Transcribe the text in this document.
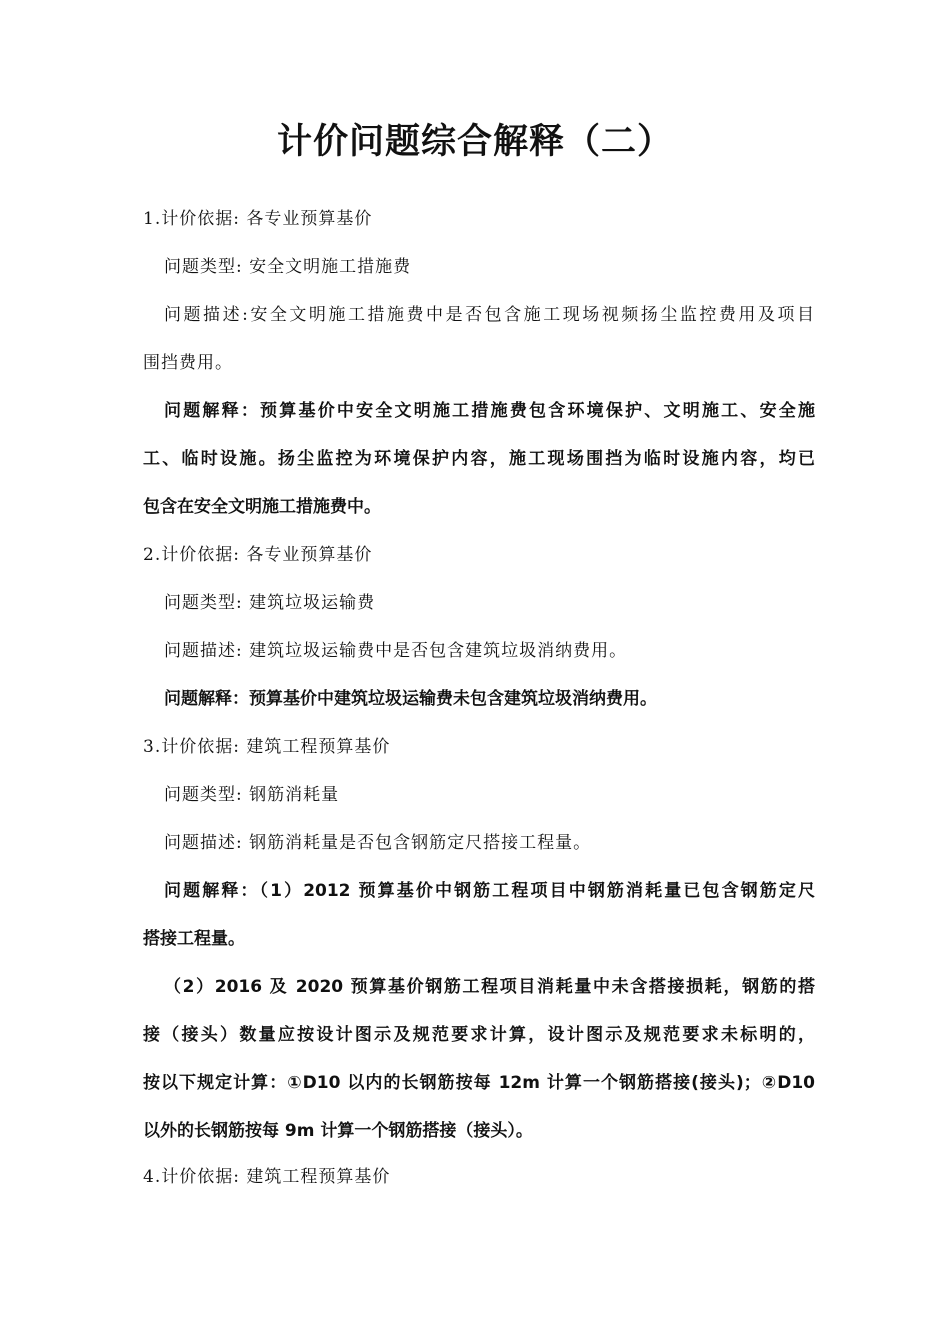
计价问题综合解释（二）
1.计价依据: 各专业预算基价
问题类型: 安全文明施工措施费
问题描述:安全文明施工措施费中是否包含施工现场视频扬尘监控费用及项目
围挡费用。
问题解释：预算基价中安全文明施工措施费包含环境保护、文明施工、安全施
工、临时设施。扬尘监控为环境保护内容，施工现场围挡为临时设施内容，均已
包含在安全文明施工措施费中。
2.计价依据: 各专业预算基价
问题类型: 建筑垃圾运输费
问题描述: 建筑垃圾运输费中是否包含建筑垃圾消纳费用。
问题解释：预算基价中建筑垃圾运输费未包含建筑垃圾消纳费用。
3.计价依据: 建筑工程预算基价
问题类型: 钢筋消耗量
问题描述: 钢筋消耗量是否包含钢筋定尺搭接工程量。
问题解释：（1）2012 预算基价中钢筋工程项目中钢筋消耗量已包含钢筋定尺
搭接工程量。
（2）2016 及 2020 预算基价钢筋工程项目消耗量中未含搭接损耗，钢筋的搭
接（接头）数量应按设计图示及规范要求计算，设计图示及规范要求未标明的，
按以下规定计算：①D10 以内的长钢筋按每 12m 计算一个钢筋搭接(接头)；②D10
以外的长钢筋按每 9m 计算一个钢筋搭接（接头）。
4.计价依据: 建筑工程预算基价
